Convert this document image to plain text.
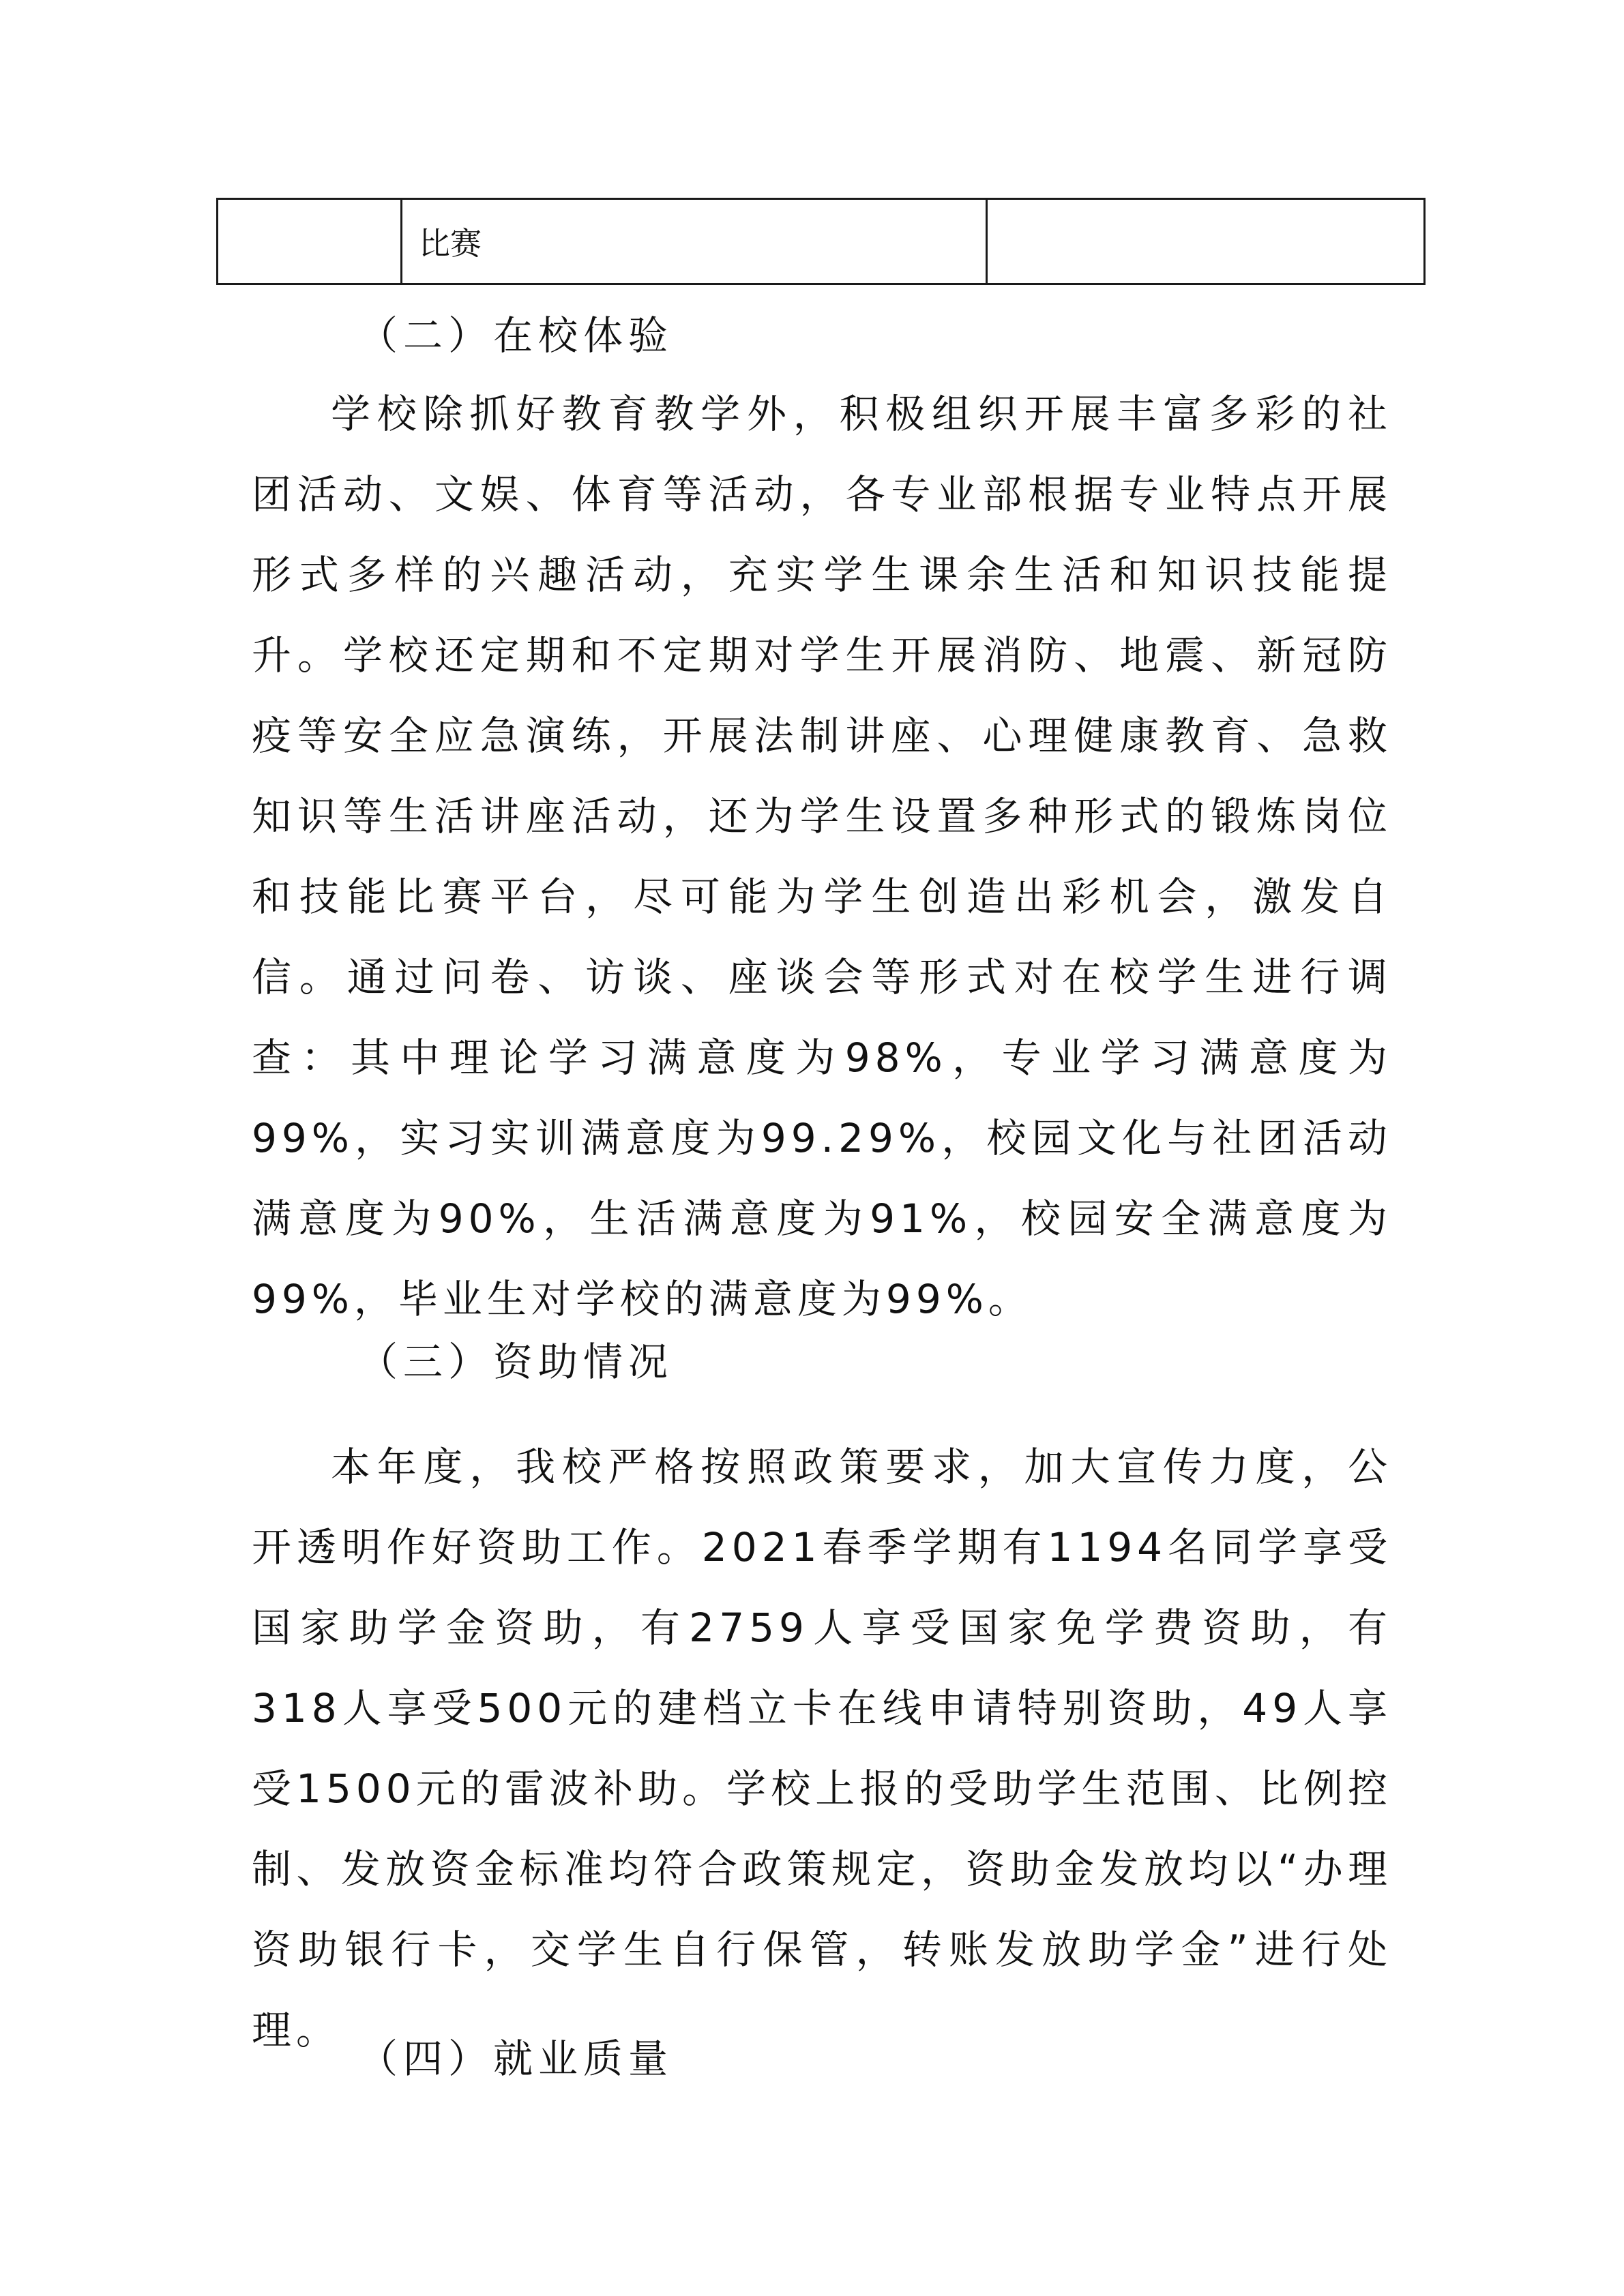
	比赛	
（二）在校体验

学校除抓好教育教学外，积极组织开展丰富多彩的社团活动、文娱、体育等活动，各专业部根据专业特点开展形式多样的兴趣活动，充实学生课余生活和知识技能提升。学校还定期和不定期对学生开展消防、地震、新冠防疫等安全应急演练，开展法制讲座、心理健康教育、急救知识等生活讲座活动，还为学生设置多种形式的锻炼岗位和技能比赛平台，尽可能为学生创造出彩机会，激发自信。通过问卷、访谈、座谈会等形式对在校学生进行调查：其中理论学习满意度为98%，专业学习满意度为99%，实习实训满意度为99.29%，校园文化与社团活动满意度为90%，生活满意度为91%，校园安全满意度为99%，毕业生对学校的满意度为99%。

（三）资助情况

本年度，我校严格按照政策要求，加大宣传力度，公开透明作好资助工作。2021春季学期有1194名同学享受国家助学金资助，有2759人享受国家免学费资助，有318人享受500元的建档立卡在线申请特别资助，49人享受1500元的雷波补助。学校上报的受助学生范围、比例控制、发放资金标准均符合政策规定，资助金发放均以“办理资助银行卡，交学生自行保管，转账发放助学金”进行处理。

（四）就业质量
